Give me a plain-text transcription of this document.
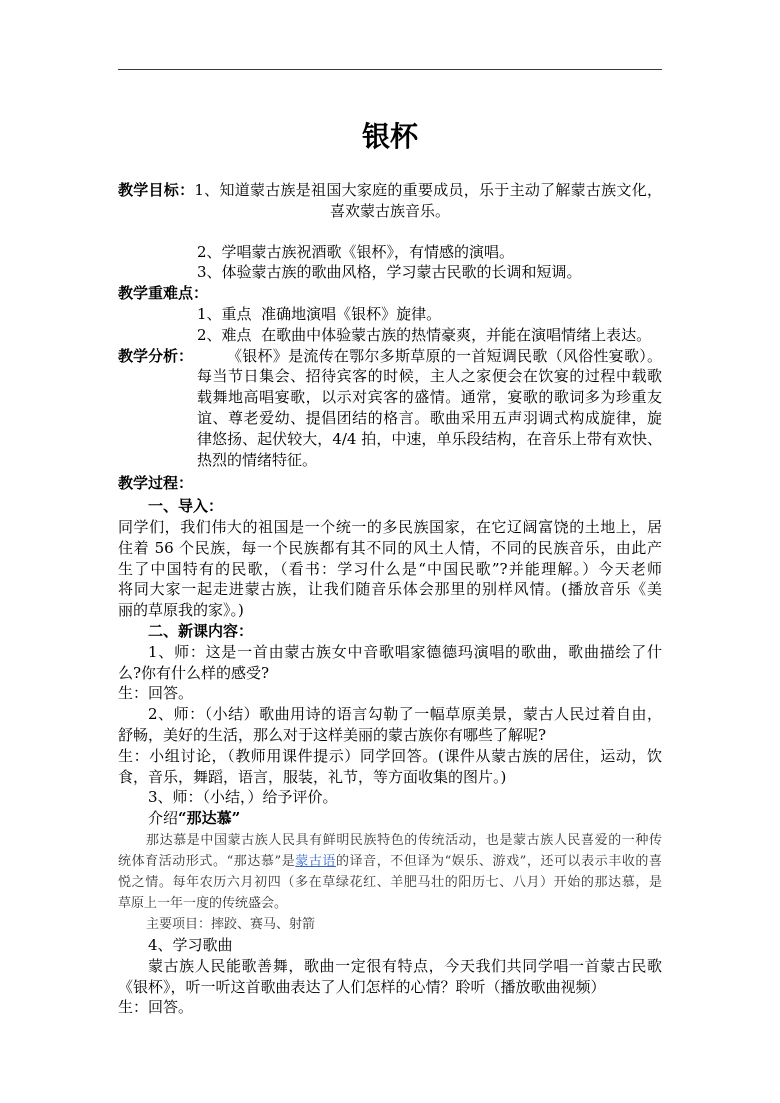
银杯
教学目标：1、知道蒙古族是祖国大家庭的重要成员，乐于主动了解蒙古族文化，
喜欢蒙古族音乐。
2、学唱蒙古族祝酒歌《银杯》，有情感的演唱。
3、体验蒙古族的歌曲风格，学习蒙古民歌的长调和短调。
教学重难点：
1、重点  准确地演唱《银杯》旋律。
2、难点  在歌曲中体验蒙古族的热情豪爽，并能在演唱情绪上表达。
教学分析：	《银杯》是流传在鄂尔多斯草原的一首短调民歌（风俗性宴歌）。
每当节日集会、招待宾客的时候，主人之家便会在饮宴的过程中载歌
载舞地高唱宴歌，以示对宾客的盛情。通常，宴歌的歌词多为珍重友
谊、尊老爱幼、提倡团结的格言。歌曲采用五声羽调式构成旋律，旋
律悠扬、起伏较大，4/4 拍，中速，单乐段结构，在音乐上带有欢快、
热烈的情绪特征。
教学过程：
一、导入：
同学们，我们伟大的祖国是一个统一的多民族国家，在它辽阔富饶的土地上，居
住着 56 个民族，每一个民族都有其不同的风土人情，不同的民族音乐，由此产
生了中国特有的民歌，（看书：学习什么是“中国民歌”?并能理解。）今天老师
将同大家一起走进蒙古族，让我们随音乐体会那里的别样风情。(播放音乐《美
丽的草原我的家》。)
二、新课内容：
1、师：这是一首由蒙古族女中音歌唱家德德玛演唱的歌曲，歌曲描绘了什
么?你有什么样的感受?
生：回答。
2、师：（小结）歌曲用诗的语言勾勒了一幅草原美景，蒙古人民过着自由，
舒畅，美好的生活，那么对于这样美丽的蒙古族你有哪些了解呢?
生：小组讨论，（教师用课件提示）同学回答。(课件从蒙古族的居住，运动，饮
食，音乐，舞蹈，语言，服装，礼节，等方面收集的图片。)
3、师：（小结，）给予评价。
介绍“那达慕”
那达慕是中国蒙古族人民具有鲜明民族特色的传统活动，也是蒙古族人民喜爱的一种传
统体育活动形式。“那达慕”是蒙古语的译音，不但译为“娱乐、游戏”，还可以表示丰收的喜
悦之情。每年农历六月初四（多在草绿花红、羊肥马壮的阳历七、八月）开始的那达慕，是
草原上一年一度的传统盛会。
主要项目：摔跤、赛马、射箭
4、学习歌曲
蒙古族人民能歌善舞，歌曲一定很有特点，今天我们共同学唱一首蒙古民歌
《银杯》，听一听这首歌曲表达了人们怎样的心情？聆听（播放歌曲视频）
生：回答。
